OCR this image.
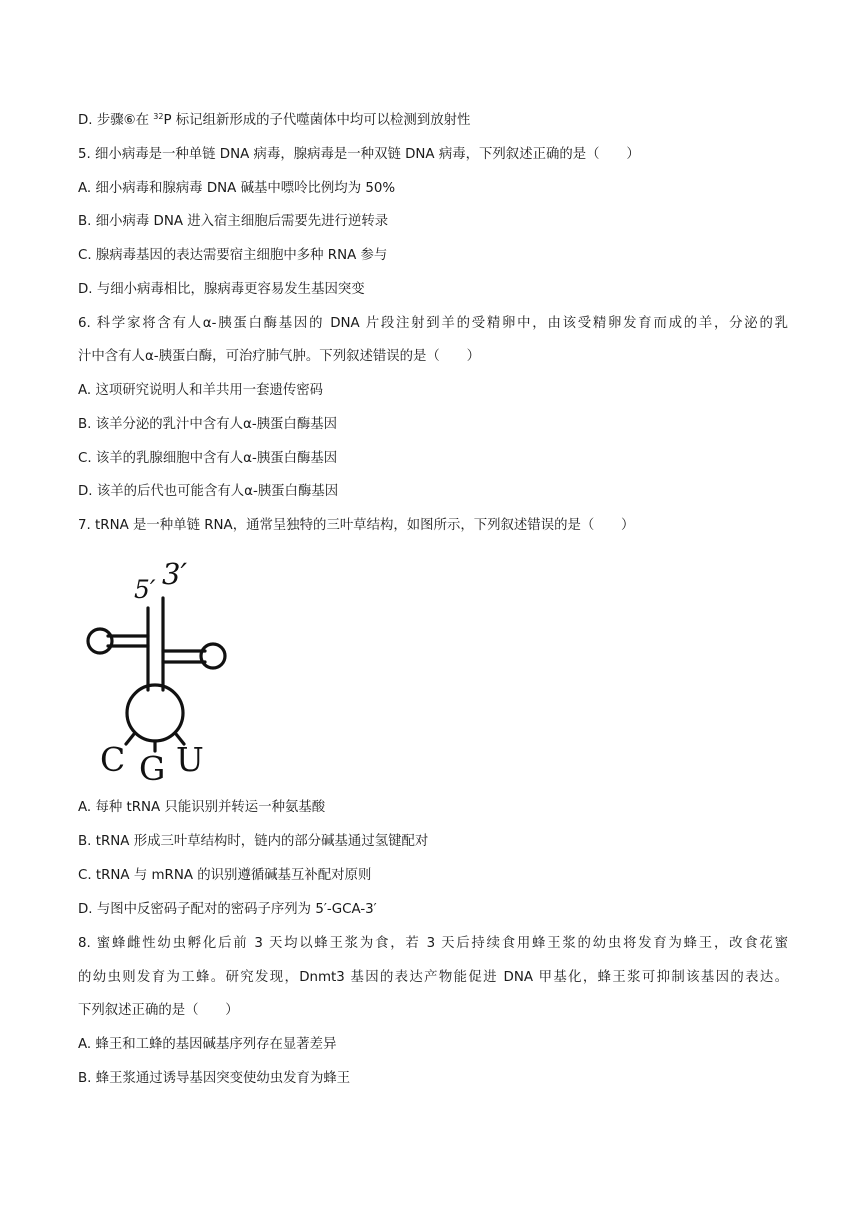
D. 步骤⑥在 $^{32}$P 标记组新形成的子代噬菌体中均可以检测到放射性
5. 细小病毒是一种单链 DNA 病毒，腺病毒是一种双链 DNA 病毒，下列叙述正确的是（　　）
A. 细小病毒和腺病毒 DNA 碱基中嘌呤比例均为 50%
B. 细小病毒 DNA 进入宿主细胞后需要先进行逆转录
C. 腺病毒基因的表达需要宿主细胞中多种 RNA 参与
D. 与细小病毒相比，腺病毒更容易发生基因突变
6. 科学家将含有人α-胰蛋白酶基因的 DNA 片段注射到羊的受精卵中，由该受精卵发育而成的羊，分泌的乳
汁中含有人α-胰蛋白酶，可治疗肺气肿。下列叙述错误的是（　　）
A. 这项研究说明人和羊共用一套遗传密码
B. 该羊分泌的乳汁中含有人α-胰蛋白酶基因
C. 该羊的乳腺细胞中含有人α-胰蛋白酶基因
D. 该羊的后代也可能含有人α-胰蛋白酶基因
7. tRNA 是一种单链 RNA，通常呈独特的三叶草结构，如图所示，下列叙述错误的是（　　）
5′ 3′
C G U
A. 每种 tRNA 只能识别并转运一种氨基酸
B. tRNA 形成三叶草结构时，链内的部分碱基通过氢键配对
C. tRNA 与 mRNA 的识别遵循碱基互补配对原则
D. 与图中反密码子配对的密码子序列为 5′-GCA-3′
8. 蜜蜂雌性幼虫孵化后前 3 天均以蜂王浆为食，若 3 天后持续食用蜂王浆的幼虫将发育为蜂王，改食花蜜
的幼虫则发育为工蜂。研究发现，Dnmt3 基因的表达产物能促进 DNA 甲基化，蜂王浆可抑制该基因的表达。
下列叙述正确的是（　　）
A. 蜂王和工蜂的基因碱基序列存在显著差异
B. 蜂王浆通过诱导基因突变使幼虫发育为蜂王
